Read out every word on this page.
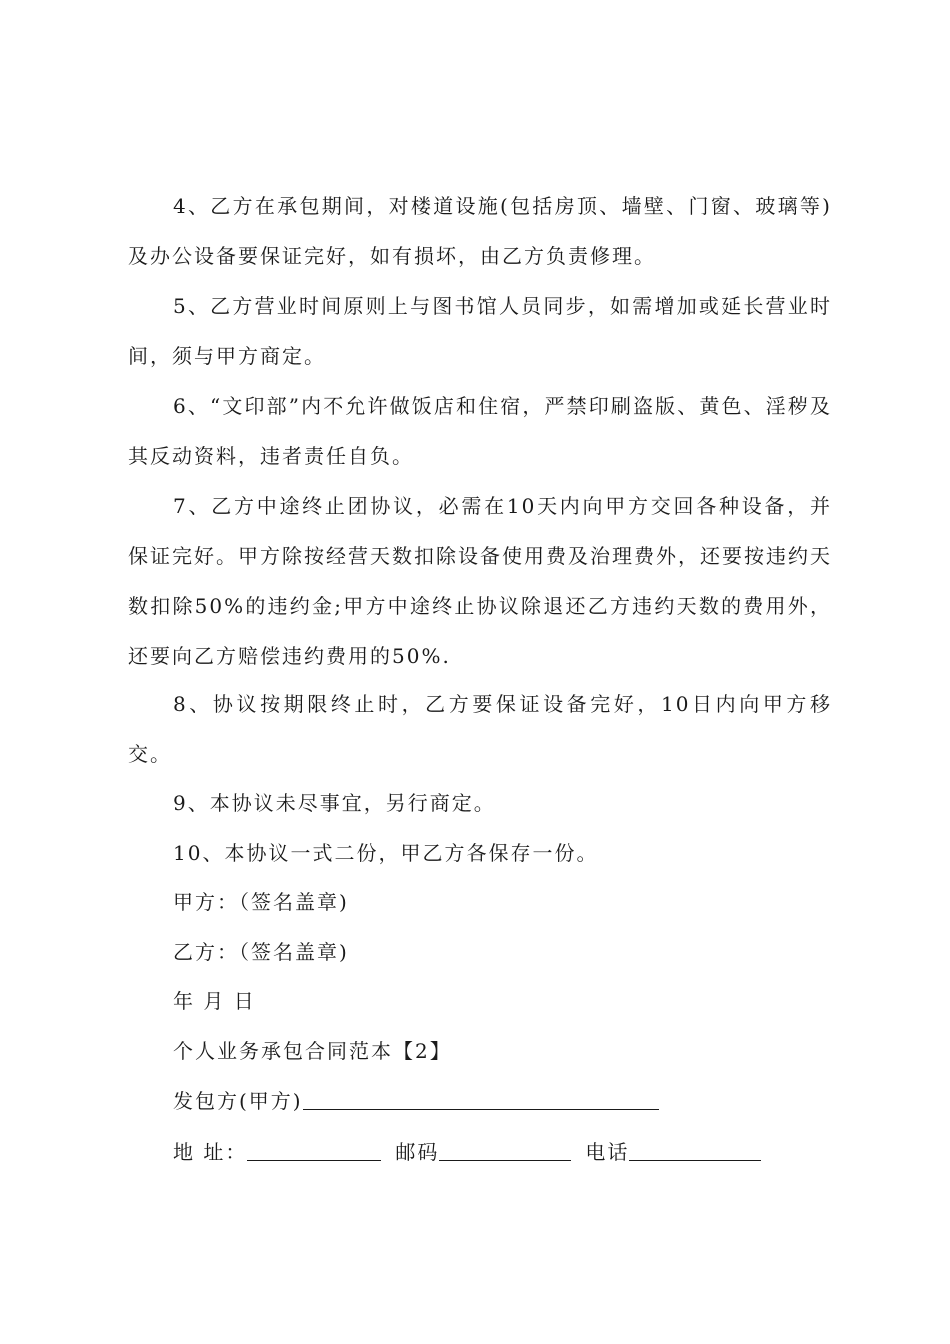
4、乙方在承包期间，对楼道设施(包括房顶、墙壁、门窗、玻璃等)及办公设备要保证完好，如有损坏，由乙方负责修理。

5、乙方营业时间原则上与图书馆人员同步，如需增加或延长营业时间，须与甲方商定。

6、“文印部”内不允许做饭店和住宿，严禁印刷盗版、黄色、淫秽及其反动资料，违者责任自负。

7、乙方中途终止团协议，必需在10天内向甲方交回各种设备，并保证完好。甲方除按经营天数扣除设备使用费及治理费外，还要按违约天数扣除50%的违约金;甲方中途终止协议除退还乙方违约天数的费用外，还要向乙方赔偿违约费用的50%.

8、协议按期限终止时，乙方要保证设备完好，10日内向甲方移交。

9、本协议未尽事宜，另行商定。

10、本协议一式二份，甲乙方各保存一份。

甲方：（签名盖章)

乙方：（签名盖章)

年 月 日

个人业务承包合同范本【2】

发包方(甲方)

地 址：	邮码	电话
